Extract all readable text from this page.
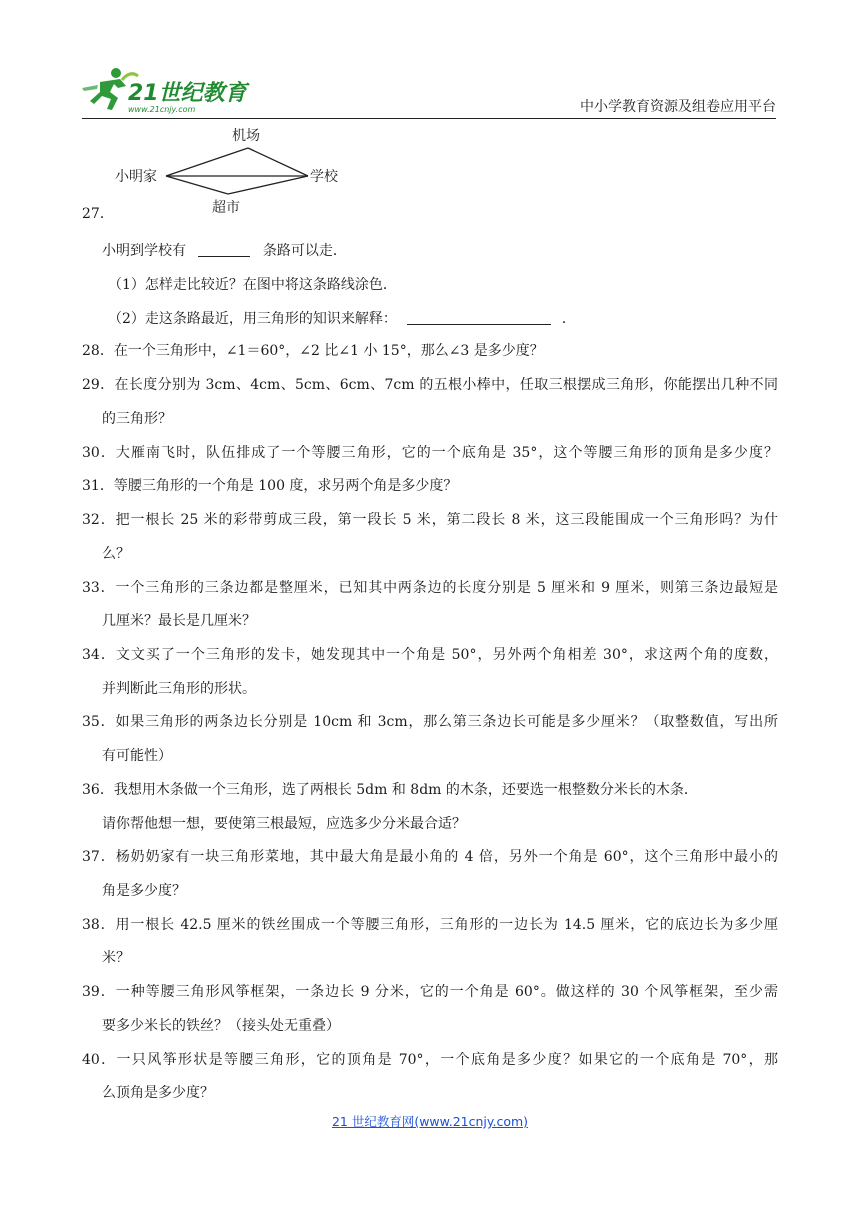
21世纪教育
www.21cnjy.com	中小学教育资源及组卷应用平台
机场
小明家	学校
超市
27．
小明到学校有	条路可以走．
（1）怎样走比较近？在图中将这条路线涂色．
（2）走这条路最近，用三角形的知识来解释：	．
28．在一个三角形中，∠1＝60°，∠2 比∠1 小 15°，那么∠3 是多少度？
29．在长度分别为 3cm、4cm、5cm、6cm、7cm 的五根小棒中，任取三根摆成三角形，你能摆出几种不同
的三角形？
30．大雁南飞时，队伍排成了一个等腰三角形，它的一个底角是 35°，这个等腰三角形的顶角是多少度？
31．等腰三角形的一个角是 100 度，求另两个角是多少度？
32．把一根长 25 米的彩带剪成三段，第一段长 5 米，第二段长 8 米，这三段能围成一个三角形吗？为什
么？
33．一个三角形的三条边都是整厘米，已知其中两条边的长度分别是 5 厘米和 9 厘米，则第三条边最短是
几厘米？最长是几厘米？
34．文文买了一个三角形的发卡，她发现其中一个角是 50°，另外两个角相差 30°，求这两个角的度数，
并判断此三角形的形状。
35．如果三角形的两条边长分别是 10cm 和 3cm，那么第三条边长可能是多少厘米？（取整数值，写出所
有可能性）
36．我想用木条做一个三角形，选了两根长 5dm 和 8dm 的木条，还要选一根整数分米长的木条．
请你帮他想一想，要使第三根最短，应选多少分米最合适？
37．杨奶奶家有一块三角形菜地，其中最大角是最小角的 4 倍，另外一个角是 60°，这个三角形中最小的
角是多少度？
38．用一根长 42.5 厘米的铁丝围成一个等腰三角形，三角形的一边长为 14.5 厘米，它的底边长为多少厘
米？
39．一种等腰三角形风筝框架，一条边长 9 分米，它的一个角是 60°。做这样的 30 个风筝框架，至少需
要多少米长的铁丝？（接头处无重叠）
40．一只风筝形状是等腰三角形，它的顶角是 70°，一个底角是多少度？如果它的一个底角是 70°，那
么顶角是多少度？
21 世纪教育网(www.21cnjy.com)
